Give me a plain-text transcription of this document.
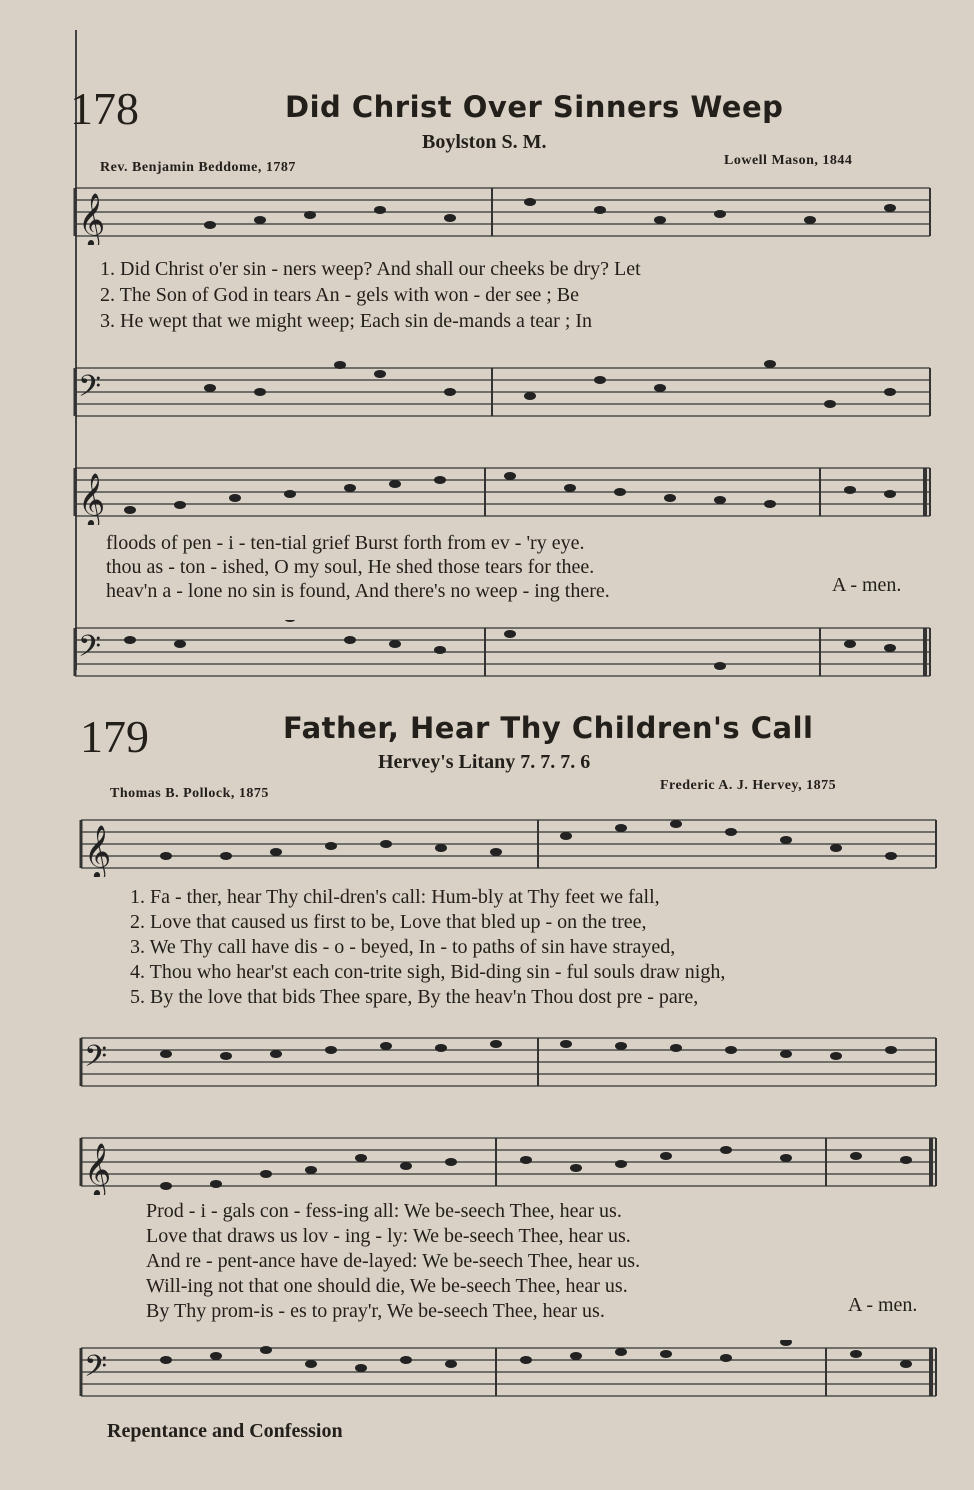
178	Did Christ Over Sinners Weep
Boylston S. M.
Rev. Benjamin Beddome, 1787	Lowell Mason, 1844
𝄞
1. Did Christ o'er sin - ners weep? And shall our cheeks be dry? Let
2. The Son of God in tears An - gels with won - der see ; Be
3. He wept that we might weep; Each sin de-mands a tear ; In
𝄢
𝄞
floods of pen - i - ten-tial grief Burst forth from ev - 'ry eye.
thou as - ton - ished, O my soul, He shed those tears for thee.
heav'n a - lone no sin is found, And there's no weep - ing there.	A - men.
𝄢
179	Father, Hear Thy Children's Call
Hervey's Litany 7. 7. 7. 6
Thomas B. Pollock, 1875
Frederic A. J. Hervey, 1875
𝄞
1. Fa - ther, hear Thy chil-dren's call: Hum-bly at Thy feet we fall,
2. Love that caused us first to be, Love that bled up - on the tree,
3. We Thy call have dis - o - beyed, In - to paths of sin have strayed,
4. Thou who hear'st each con-trite sigh, Bid-ding sin - ful souls draw nigh,
5. By the love that bids Thee spare, By the heav'n Thou dost pre - pare,
𝄢
𝄞
Prod - i - gals con - fess-ing all: We be-seech Thee, hear us.
Love that draws us lov - ing - ly: We be-seech Thee, hear us.
And re - pent-ance have de-layed: We be-seech Thee, hear us.
Will-ing not that one should die, We be-seech Thee, hear us.
By Thy prom-is - es to pray'r, We be-seech Thee, hear us.	A - men.
𝄢
Repentance and Confession
